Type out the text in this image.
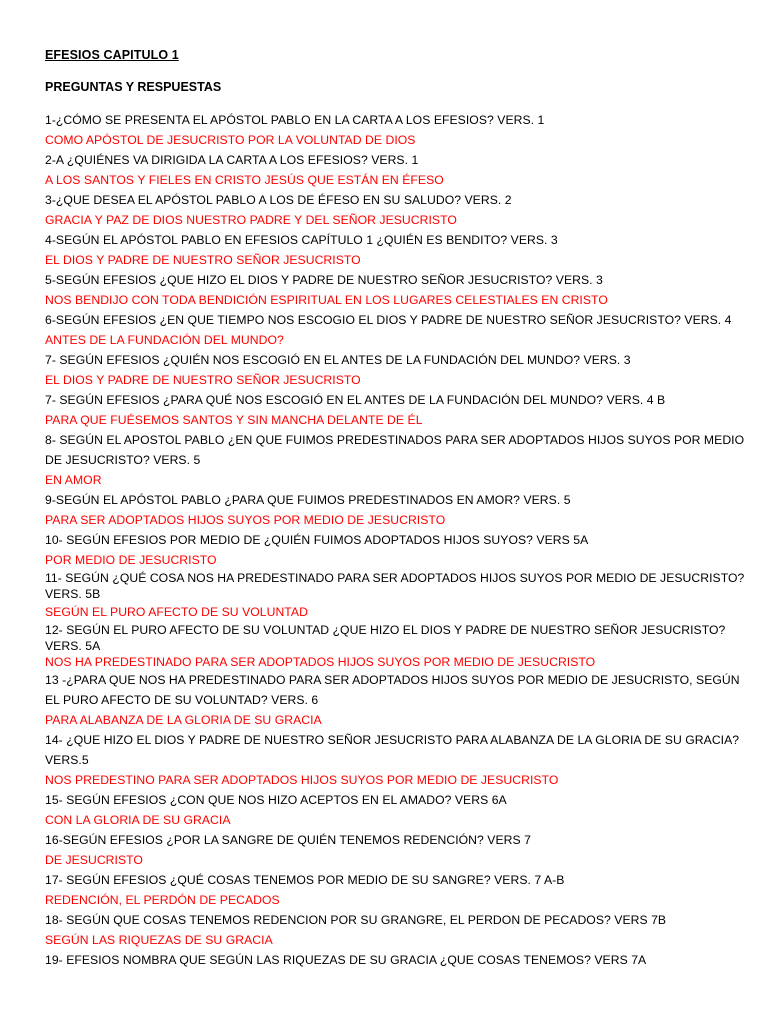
EFESIOS CAPITULO 1
PREGUNTAS Y RESPUESTAS

1-¿CÓMO SE PRESENTA EL APÓSTOL PABLO EN LA CARTA A LOS EFESIOS? VERS. 1

COMO APÓSTOL DE JESUCRISTO POR LA VOLUNTAD DE DIOS

2-A ¿QUIÉNES VA DIRIGIDA LA CARTA A LOS EFESIOS? VERS. 1

A LOS SANTOS Y FIELES EN CRISTO JESÚS QUE ESTÁN EN ÉFESO

3-¿QUE DESEA EL APÓSTOL PABLO A LOS DE ÉFESO EN SU SALUDO? VERS. 2

GRACIA Y PAZ DE DIOS NUESTRO PADRE Y DEL SEÑOR JESUCRISTO

4-SEGÚN EL APÓSTOL PABLO EN EFESIOS CAPÍTULO 1 ¿QUIÉN ES BENDITO? VERS. 3

EL DIOS Y PADRE DE NUESTRO SEÑOR JESUCRISTO

5-SEGÚN EFESIOS ¿QUE HIZO EL DIOS Y PADRE DE NUESTRO SEÑOR JESUCRISTO? VERS. 3

NOS BENDIJO CON TODA BENDICIÓN ESPIRITUAL EN LOS LUGARES CELESTIALES EN CRISTO

6-SEGÚN EFESIOS ¿EN QUE TIEMPO NOS ESCOGIO EL DIOS Y PADRE DE NUESTRO SEÑOR JESUCRISTO? VERS. 4

ANTES DE LA FUNDACIÓN DEL MUNDO?

7- SEGÚN EFESIOS ¿QUIÉN NOS ESCOGIÓ EN EL ANTES DE LA FUNDACIÓN DEL MUNDO? VERS. 3

EL DIOS Y PADRE DE NUESTRO SEÑOR JESUCRISTO

7- SEGÚN EFESIOS ¿PARA QUÉ NOS ESCOGIÓ EN EL ANTES DE LA FUNDACIÓN DEL MUNDO? VERS. 4 B

PARA QUE FUÉSEMOS SANTOS Y SIN MANCHA DELANTE DE ÉL

8- SEGÚN EL APOSTOL PABLO ¿EN QUE FUIMOS PREDESTINADOS PARA SER ADOPTADOS HIJOS SUYOS POR MEDIO DE JESUCRISTO? VERS. 5

EN AMOR

9-SEGÚN EL APÓSTOL PABLO ¿PARA QUE FUIMOS PREDESTINADOS EN AMOR? VERS. 5

PARA SER ADOPTADOS HIJOS SUYOS POR MEDIO DE JESUCRISTO

10- SEGÚN EFESIOS POR MEDIO DE ¿QUIÉN FUIMOS ADOPTADOS HIJOS SUYOS? VERS 5A

POR MEDIO DE JESUCRISTO

11- SEGÚN ¿QUÉ COSA NOS HA PREDESTINADO PARA SER ADOPTADOS HIJOS SUYOS POR MEDIO DE JESUCRISTO? VERS. 5B

SEGÚN EL PURO AFECTO DE SU VOLUNTAD

12- SEGÚN EL PURO AFECTO DE SU VOLUNTAD ¿QUE HIZO EL DIOS Y PADRE DE NUESTRO SEÑOR JESUCRISTO? VERS. 5A

NOS HA PREDESTINADO PARA SER ADOPTADOS HIJOS SUYOS POR MEDIO DE JESUCRISTO

13 -¿PARA QUE NOS HA PREDESTINADO PARA SER ADOPTADOS HIJOS SUYOS POR MEDIO DE JESUCRISTO, SEGÚN EL PURO AFECTO DE SU VOLUNTAD? VERS. 6

PARA ALABANZA DE LA GLORIA DE SU GRACIA

14- ¿QUE HIZO EL DIOS Y PADRE DE NUESTRO SEÑOR JESUCRISTO PARA ALABANZA DE LA GLORIA DE SU GRACIA? VERS.5

NOS PREDESTINO PARA SER ADOPTADOS HIJOS SUYOS POR MEDIO DE JESUCRISTO

15- SEGÚN EFESIOS ¿CON QUE NOS HIZO ACEPTOS EN EL AMADO? VERS 6A

CON LA GLORIA DE SU GRACIA

16-SEGÚN EFESIOS ¿POR LA SANGRE DE QUIÉN TENEMOS REDENCIÓN? VERS 7

DE JESUCRISTO

17- SEGÚN EFESIOS ¿QUÉ COSAS TENEMOS POR MEDIO DE SU SANGRE? VERS. 7 A-B

REDENCIÓN, EL PERDÓN DE PECADOS

18- SEGÚN QUE COSAS TENEMOS REDENCION POR SU GRANGRE, EL PERDON DE PECADOS? VERS 7B

SEGÚN LAS RIQUEZAS DE SU GRACIA

19- EFESIOS NOMBRA QUE SEGÚN LAS RIQUEZAS DE SU GRACIA ¿QUE COSAS TENEMOS? VERS 7A
